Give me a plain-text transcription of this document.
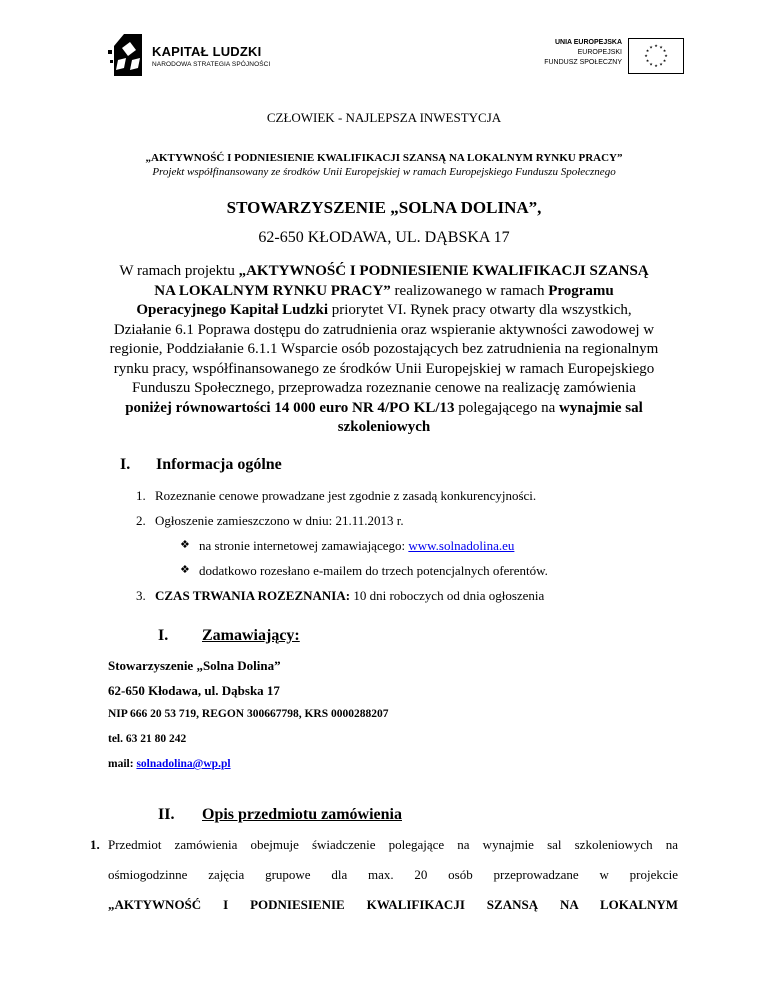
KAPITAŁ LUDZKI
NARODOWA STRATEGIA SPÓJNOŚCI
UNIA EUROPEJSKA
EUROPEJSKI
FUNDUSZ SPOŁECZNY
★ ★
★
★
★
★
★
★
★
★
★
★
CZŁOWIEK - NAJLEPSZA INWESTYCJA
„AKTYWNOŚĆ I PODNIESIENIE KWALIFIKACJI SZANSĄ NA LOKALNYM RYNKU PRACY”
Projekt współfinansowany ze środków Unii Europejskiej w ramach Europejskiego Funduszu Społecznego
STOWARZYSZENIE „SOLNA DOLINA”,
62-650 KŁODAWA, UL. DĄBSKA 17
W ramach projektu „AKTYWNOŚĆ I PODNIESIENIE KWALIFIKACJI SZANSĄ NA LOKALNYM RYNKU PRACY” realizowanego w ramach Programu Operacyjnego Kapitał Ludzki priorytet VI. Rynek pracy otwarty dla wszystkich, Działanie 6.1 Poprawa dostępu do zatrudnienia oraz wspieranie aktywności zawodowej w regionie, Poddziałanie 6.1.1 Wsparcie osób pozostających bez zatrudnienia na regionalnym rynku pracy, współfinansowanego ze środków Unii Europejskiej w ramach Europejskiego Funduszu Społecznego, przeprowadza rozeznanie cenowe na realizację zamówienia poniżej równowartości 14 000 euro NR 4/PO KL/13 polegającego na wynajmie sal szkoleniowych
I. Informacja ogólne
1. Rozeznanie cenowe prowadzane jest zgodnie z zasadą konkurencyjności.
2. Ogłoszenie zamieszczono w dniu: 21.11.2013 r.
❖ na stronie internetowej zamawiającego: www.solnadolina.eu
❖ dodatkowo rozesłano e-mailem do trzech potencjalnych oferentów.
3. CZAS TRWANIA ROZEZNANIA: 10 dni roboczych od dnia ogłoszenia
I. Zamawiający:
Stowarzyszenie „Solna Dolina”
62-650 Kłodawa, ul. Dąbska 17
NIP 666 20 53 719, REGON 300667798, KRS 0000288207
tel. 63 21 80 242
mail: solnadolina@wp.pl
II. Opis przedmiotu zamówienia
1. Przedmiot zamówienia obejmuje świadczenie polegające na wynajmie sal szkoleniowych na
ośmiogodzinne zajęcia grupowe dla max. 20 osób przeprowadzane w projekcie
„AKTYWNOŚĆ I PODNIESIENIE KWALIFIKACJI SZANSĄ NA LOKALNYM
